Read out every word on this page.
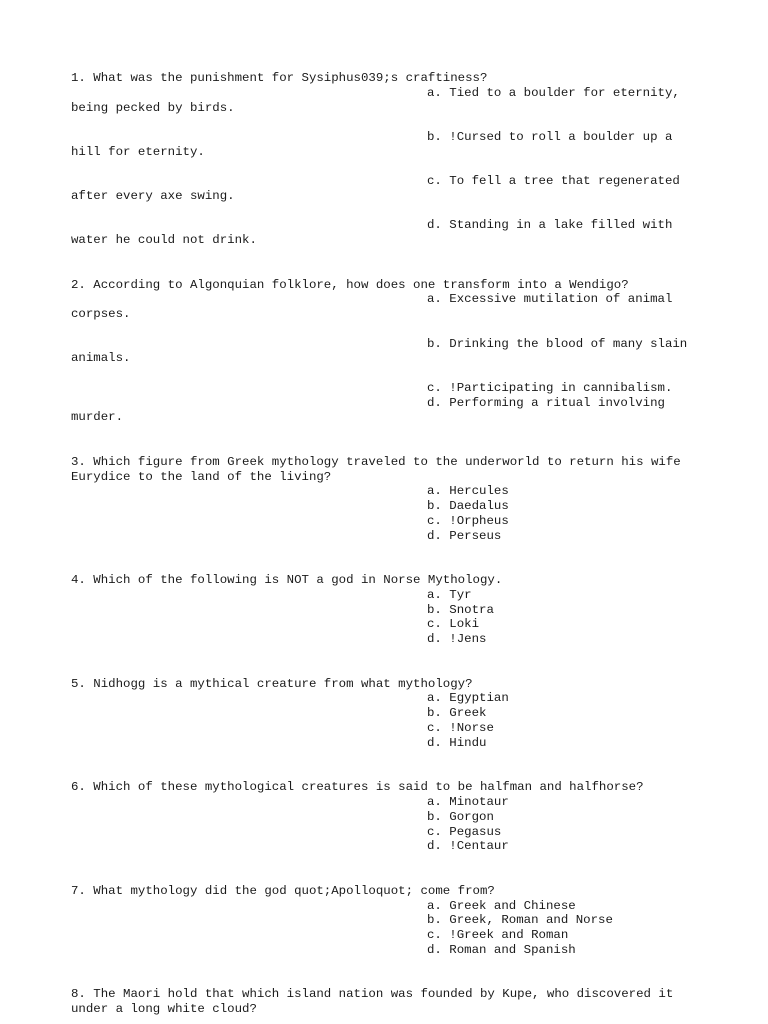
1. What was the punishment for Sysiphus039;s craftiness?
a. Tied to a boulder for eternity,
being pecked by birds.
b. !Cursed to roll a boulder up a
hill for eternity.
c. To fell a tree that regenerated
after every axe swing.
d. Standing in a lake filled with
water he could not drink.
2. According to Algonquian folklore, how does one transform into a Wendigo?
a. Excessive mutilation of animal
corpses.
b. Drinking the blood of many slain
animals.
c. !Participating in cannibalism.
d. Performing a ritual involving
murder.
3. Which figure from Greek mythology traveled to the underworld to return his wife
Eurydice to the land of the living?
a. Hercules
b. Daedalus
c. !Orpheus
d. Perseus
4. Which of the following is NOT a god in Norse Mythology.
a. Tyr
b. Snotra
c. Loki
d. !Jens
5. Nidhogg is a mythical creature from what mythology?
a. Egyptian
b. Greek
c. !Norse
d. Hindu
6. Which of these mythological creatures is said to be halfman and halfhorse?
a. Minotaur
b. Gorgon
c. Pegasus
d. !Centaur
7. What mythology did the god quot;Apolloquot; come from?
a. Greek and Chinese
b. Greek, Roman and Norse
c. !Greek and Roman
d. Roman and Spanish
8. The Maori hold that which island nation was founded by Kupe, who discovered it
under a long white cloud?
